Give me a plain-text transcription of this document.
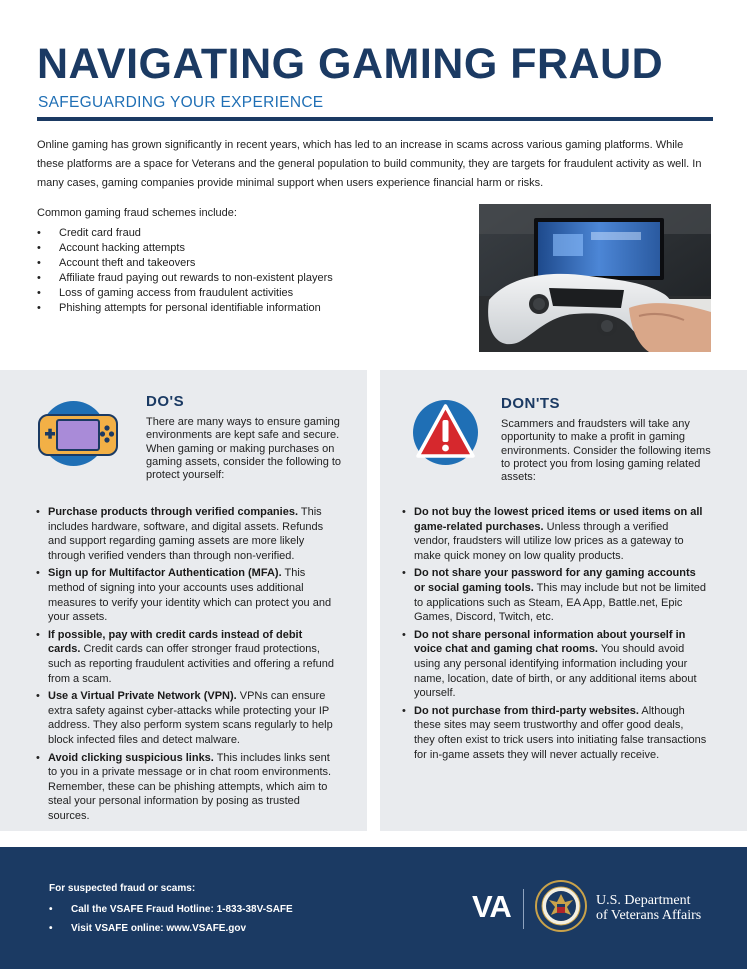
NAVIGATING GAMING FRAUD
SAFEGUARDING YOUR EXPERIENCE

Online gaming has grown significantly in recent years, which has led to an increase in scams across various gaming platforms. While these platforms are a space for Veterans and the general population to build community, they are targets for fraudulent activity as well. In many cases, gaming companies provide minimal support when users experience financial harm or risks.

Common gaming fraud schemes include:
• Credit card fraud
• Account hacking attempts
• Account theft and takeovers
• Affiliate fraud paying out rewards to non-existent players
• Loss of gaming access from fraudulent activities
• Phishing attempts for personal identifiable information
DO'S

There are many ways to ensure gaming environments are kept safe and secure. When gaming or making purchases on gaming assets, consider the following to protect yourself:

• Purchase products through verified companies. This includes hardware, software, and digital assets. Refunds and support regarding gaming assets are more likely through verified venders than through non-verified.
• Sign up for Multifactor Authentication (MFA). This method of signing into your accounts uses additional measures to verify your identity which can protect you and your assets.
• If possible, pay with credit cards instead of debit cards. Credit cards can offer stronger fraud protections, such as reporting fraudulent activities and offering a refund from a scam.
• Use a Virtual Private Network (VPN). VPNs can ensure extra safety against cyber-attacks while protecting your IP address. They also perform system scans regularly to help block infected files and detect malware.
• Avoid clicking suspicious links. This includes links sent to you in a private message or in chat room environments. Remember, these can be phishing attempts, which aim to steal your personal information by posing as trusted sources.
DON'TS

Scammers and fraudsters will take any opportunity to make a profit in gaming environments. Consider the following items to protect you from losing gaming related assets:

• Do not buy the lowest priced items or used items on all game-related purchases. Unless through a verified vendor, fraudsters will utilize low prices as a gateway to make quick money on low quality products.
• Do not share your password for any gaming accounts or social gaming tools. This may include but not be limited to applications such as Steam, EA App, Battle.net, Epic Games, Discord, Twitch, etc.
• Do not share personal information about yourself in voice chat and gaming chat rooms. You should avoid using any personal identifying information including your name, location, date of birth, or any additional items about yourself.
• Do not purchase from third-party websites. Although these sites may seem trustworthy and offer good deals, they often exist to trick users into initiating false transactions for in-game assets they will never actually receive.
For suspected fraud or scams:
• Call the VSAFE Fraud Hotline: 1-833-38V-SAFE
• Visit VSAFE online: www.VSAFE.gov
VA	U.S. Department
of Veterans Affairs
